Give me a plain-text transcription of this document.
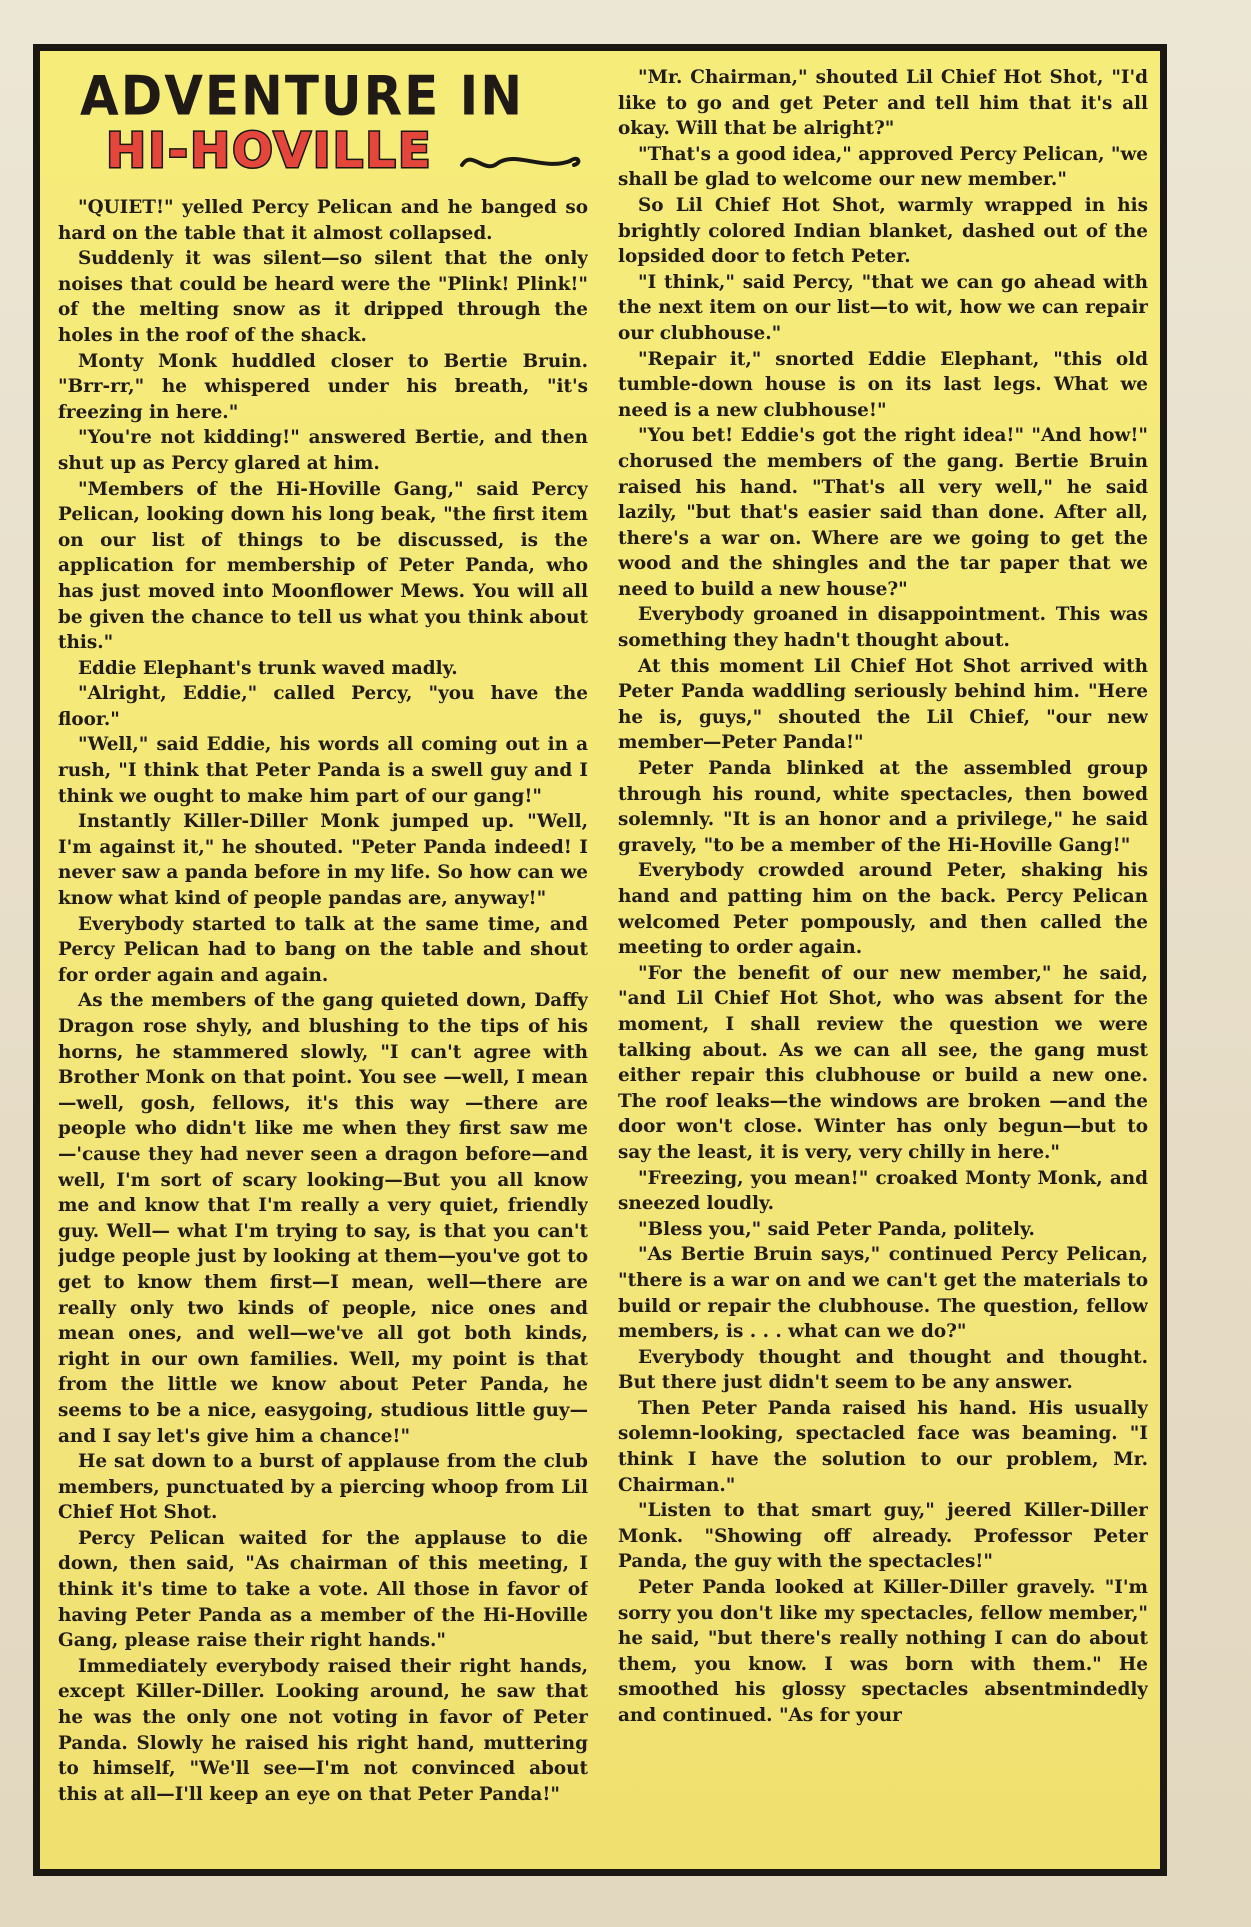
ADVENTURE IN
HI-HOVILLE

"QUIET!" yelled Percy Pelican and he banged so hard on the table that it almost collapsed.

Suddenly it was silent—so silent that the only noises that could be heard were the "Plink! Plink!" of the melting snow as it dripped through the holes in the roof of the shack.

Monty Monk huddled closer to Bertie Bruin. "Brr-rr," he whispered under his breath, "it's freezing in here."

"You're not kidding!" answered Bertie, and then shut up as Percy glared at him.

"Members of the Hi-Hoville Gang," said Percy Pelican, looking down his long beak, "the first item on our list of things to be discussed, is the application for membership of Peter Panda, who has just moved into Moonflower Mews. You will all be given the chance to tell us what you think about this."

Eddie Elephant's trunk waved madly.

"Alright, Eddie," called Percy, "you have the floor."

"Well," said Eddie, his words all coming out in a rush, "I think that Peter Panda is a swell guy and I think we ought to make him part of our gang!"

Instantly Killer-Diller Monk jumped up. "Well, I'm against it," he shouted. "Peter Panda indeed! I never saw a panda before in my life. So how can we know what kind of people pandas are, anyway!"

Everybody started to talk at the same time, and Percy Pelican had to bang on the table and shout for order again and again.

As the members of the gang quieted down, Daffy Dragon rose shyly, and blushing to the tips of his horns, he stammered slowly, "I can't agree with Brother Monk on that point. You see —well, I mean—well, gosh, fellows, it's this way —there are people who didn't like me when they first saw me—'cause they had never seen a dragon before—and well, I'm sort of scary looking—But you all know me and know that I'm really a very quiet, friendly guy. Well— what I'm trying to say, is that you can't judge people just by looking at them—you've got to get to know them first—I mean, well—there are really only two kinds of people, nice ones and mean ones, and well—we've all got both kinds, right in our own families. Well, my point is that from the little we know about Peter Panda, he seems to be a nice, easygoing, studious little guy—and I say let's give him a chance!"

He sat down to a burst of applause from the club members, punctuated by a piercing whoop from Lil Chief Hot Shot.

Percy Pelican waited for the applause to die down, then said, "As chairman of this meeting, I think it's time to take a vote. All those in favor of having Peter Panda as a member of the Hi-Hoville Gang, please raise their right hands."

Immediately everybody raised their right hands, except Killer-Diller. Looking around, he saw that he was the only one not voting in favor of Peter Panda. Slowly he raised his right hand, muttering to himself, "We'll see—I'm not convinced about this at all—I'll keep an eye on that Peter Panda!"

"Mr. Chairman," shouted Lil Chief Hot Shot, "I'd like to go and get Peter and tell him that it's all okay. Will that be alright?"

"That's a good idea," approved Percy Pelican, "we shall be glad to welcome our new member."

So Lil Chief Hot Shot, warmly wrapped in his brightly colored Indian blanket, dashed out of the lopsided door to fetch Peter.

"I think," said Percy, "that we can go ahead with the next item on our list—to wit, how we can repair our clubhouse."

"Repair it," snorted Eddie Elephant, "this old tumble-down house is on its last legs. What we need is a new clubhouse!"

"You bet! Eddie's got the right idea!" "And how!" chorused the members of the gang. Bertie Bruin raised his hand. "That's all very well," he said lazily, "but that's easier said than done. After all, there's a war on. Where are we going to get the wood and the shingles and the tar paper that we need to build a new house?"

Everybody groaned in disappointment. This was something they hadn't thought about.

At this moment Lil Chief Hot Shot arrived with Peter Panda waddling seriously behind him. "Here he is, guys," shouted the Lil Chief, "our new member—Peter Panda!"

Peter Panda blinked at the assembled group through his round, white spectacles, then bowed solemnly. "It is an honor and a privilege," he said gravely, "to be a member of the Hi-Hoville Gang!"

Everybody crowded around Peter, shaking his hand and patting him on the back. Percy Pelican welcomed Peter pompously, and then called the meeting to order again.

"For the benefit of our new member," he said, "and Lil Chief Hot Shot, who was absent for the moment, I shall review the question we were talking about. As we can all see, the gang must either repair this clubhouse or build a new one. The roof leaks—the windows are broken —and the door won't close. Winter has only begun—but to say the least, it is very, very chilly in here."

"Freezing, you mean!" croaked Monty Monk, and sneezed loudly.

"Bless you," said Peter Panda, politely.

"As Bertie Bruin says," continued Percy Pelican, "there is a war on and we can't get the materials to build or repair the clubhouse. The question, fellow members, is . . . what can we do?"

Everybody thought and thought and thought. But there just didn't seem to be any answer.

Then Peter Panda raised his hand. His usually solemn-looking, spectacled face was beaming. "I think I have the solution to our problem, Mr. Chairman."

"Listen to that smart guy," jeered Killer-Diller Monk. "Showing off already. Professor Peter Panda, the guy with the spectacles!"

Peter Panda looked at Killer-Diller gravely. "I'm sorry you don't like my spectacles, fellow member," he said, "but there's really nothing I can do about them, you know. I was born with them." He smoothed his glossy spectacles absentmindedly and continued. "As for your
